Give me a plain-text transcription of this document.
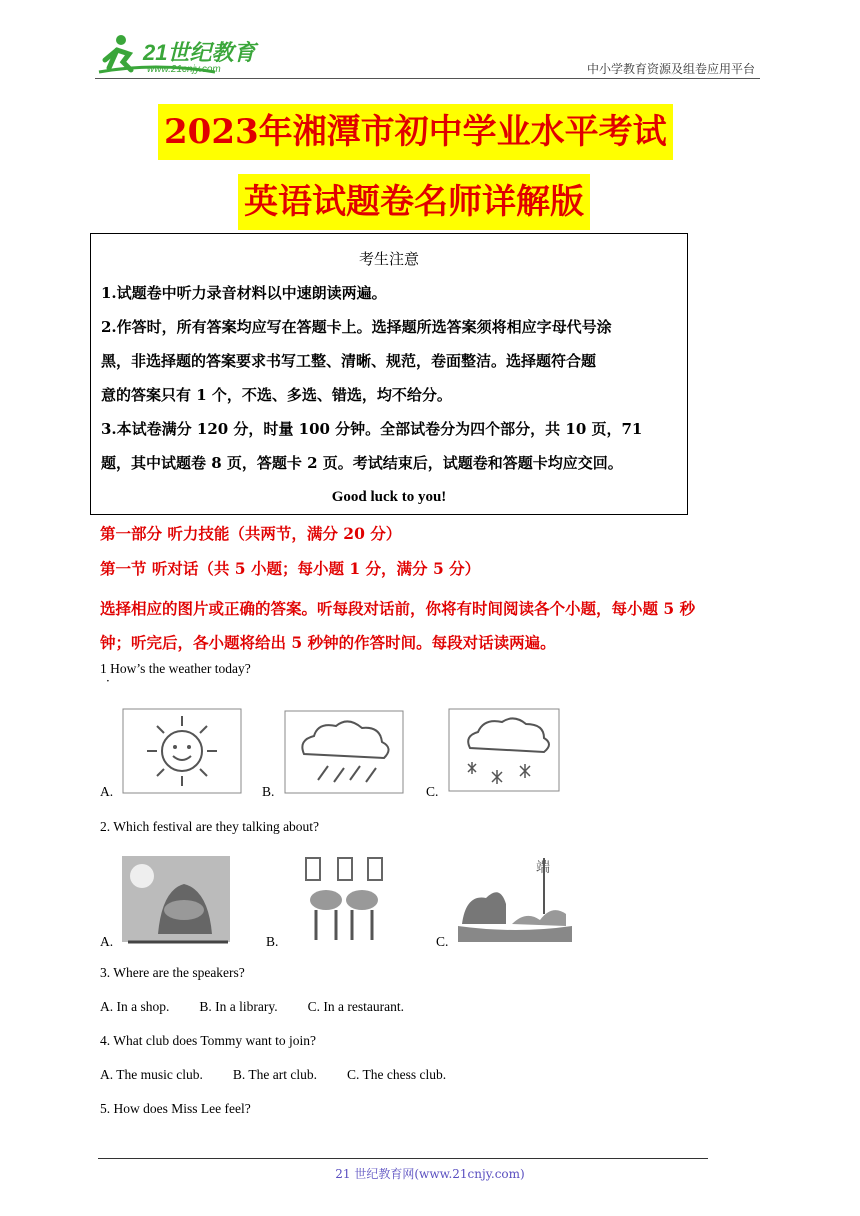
21世纪教育
www.21cnjy.com	中小学教育资源及组卷应用平台
2023年湘潭市初中学业水平考试
英语试题卷名师详解版
考生注意
1.试题卷中听力录音材料以中速朗读两遍。
2.作答时，所有答案均应写在答题卡上。选择题所选答案须将相应字母代号涂
黑，非选择题的答案要求书写工整、清晰、规范，卷面整洁。选择题符合题
意的答案只有 1 个，不选、多选、错选，均不给分。
3.本试卷满分 120 分，时量 100 分钟。全部试卷分为四个部分，共 10 页，71
题，其中试题卷 8 页，答题卡 2 页。考试结束后，试题卷和答题卡均应交回。
Good luck to you!
第一部分 听力技能（共两节，满分 20 分）
第一节 听对话（共 5 小题；每小题 1 分，满分 5 分）
选择相应的图片或正确的答案。听每段对话前，你将有时间阅读各个小题，每小题 5 秒
钟；听完后，各小题将给出 5 秒钟的作答时间。每段对话读两遍。
1 How’s the weather today?
·
A.	B.	C.
2. Which festival are they talking about?
A.	B.	C.
端
3. Where are the speakers?
A. In a shop. B. In a library. C. In a restaurant.
4. What club does Tommy want to join?
A. The music club. B. The art club. C. The chess club.
5. How does Miss Lee feel?
21 世纪教育网(www.21cnjy.com)
